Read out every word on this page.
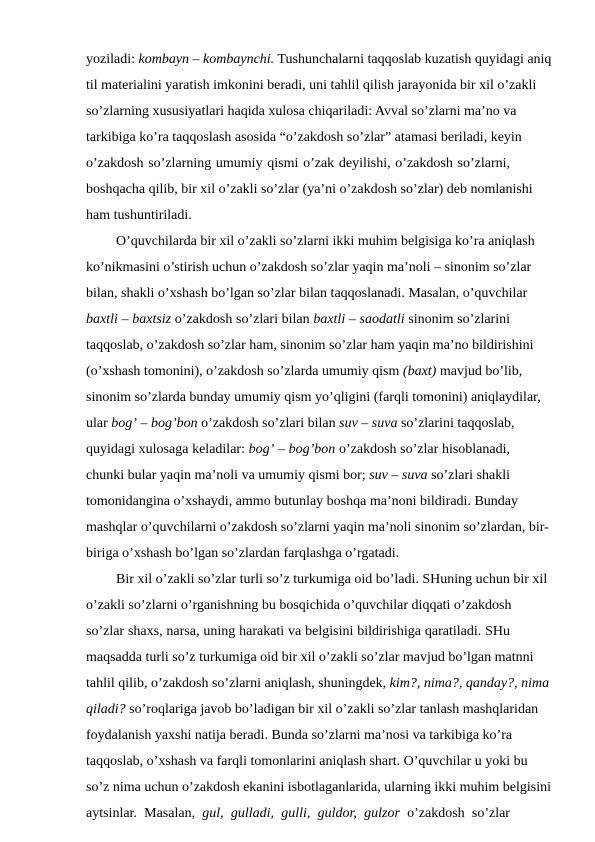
yoziladi: kombayn – kombaynchi. Tushunchalarni taqqoslab kuzatish quyidagi aniq
til materialini yaratish imkonini beradi, uni tahlil qilish jarayonida bir xil o’zakli
so’zlarning xususiyatlari haqida xulosa chiqariladi: Avval so’zlarni ma’no va
tarkibiga ko’ra taqqoslash asosida “o’zakdosh so’zlar” atamasi beriladi, keyin
o’zakdosh so’zlarning umumiy qismi o’zak deyilishi, o’zakdosh so’zlarni,
boshqacha qilib, bir xil o’zakli so’zlar (ya’ni o’zakdosh so’zlar) deb nomlanishi
ham tushuntiriladi.
O’quvchilarda bir xil o’zakli so’zlarni ikki muhim belgisiga ko’ra aniqlash
ko’nikmasini o’stirish uchun o’zakdosh so’zlar yaqin ma’noli – sinonim so’zlar
bilan, shakli o’xshash bo’lgan so’zlar bilan taqqoslanadi. Masalan, o’quvchilar
baxtli – baxtsiz o’zakdosh so’zlari bilan baxtli – saodatli sinonim so’zlarini
taqqoslab, o’zakdosh so’zlar ham, sinonim so’zlar ham yaqin ma’no bildirishini
(o’xshash tomonini), o’zakdosh so’zlarda umumiy qism (baxt) mavjud bo’lib,
sinonim so’zlarda bunday umumiy qism yo’qligini (farqli tomonini) aniqlaydilar,
ular bog’ – bog’bon o’zakdosh so’zlari bilan suv – suva so’zlarini taqqoslab,
quyidagi xulosaga keladilar: bog’ – bog’bon o’zakdosh so’zlar hisoblanadi,
chunki bular yaqin ma’noli va umumiy qismi bor; suv – suva so’zlari shakli
tomonidangina o’xshaydi, ammo butunlay boshqa ma’noni bildiradi. Bunday
mashqlar o’quvchilarni o’zakdosh so’zlarni yaqin ma’noli sinonim so’zlardan, bir-
biriga o’xshash bo’lgan so’zlardan farqlashga o’rgatadi.
Bir xil o’zakli so’zlar turli so’z turkumiga oid bo’ladi. SHuning uchun bir xil
o’zakli so’zlarni o’rganishning bu bosqichida o’quvchilar diqqati o’zakdosh
so’zlar shaxs, narsa, uning harakati va belgisini bildirishiga qaratiladi. SHu
maqsadda turli so’z turkumiga oid bir xil o’zakli so’zlar mavjud bo’lgan matnni
tahlil qilib, o’zakdosh so’zlarni aniqlash, shuningdek, kim?, nima?, qanday?, nima
qiladi? so’roqlariga javob bo’ladigan bir xil o’zakli so’zlar tanlash mashqlaridan
foydalanish yaxshi natija beradi. Bunda so’zlarni ma’nosi va tarkibiga ko’ra
taqqoslab, o’xshash va farqli tomonlarini aniqlash shart. O’quvchilar u yoki bu
so’z nima uchun o’zakdosh ekanini isbotlaganlarida, ularning ikki muhim belgisini
aytsinlar. Masalan, gul, gulladi, gulli, guldor, gulzor o’zakdosh so’zlar
